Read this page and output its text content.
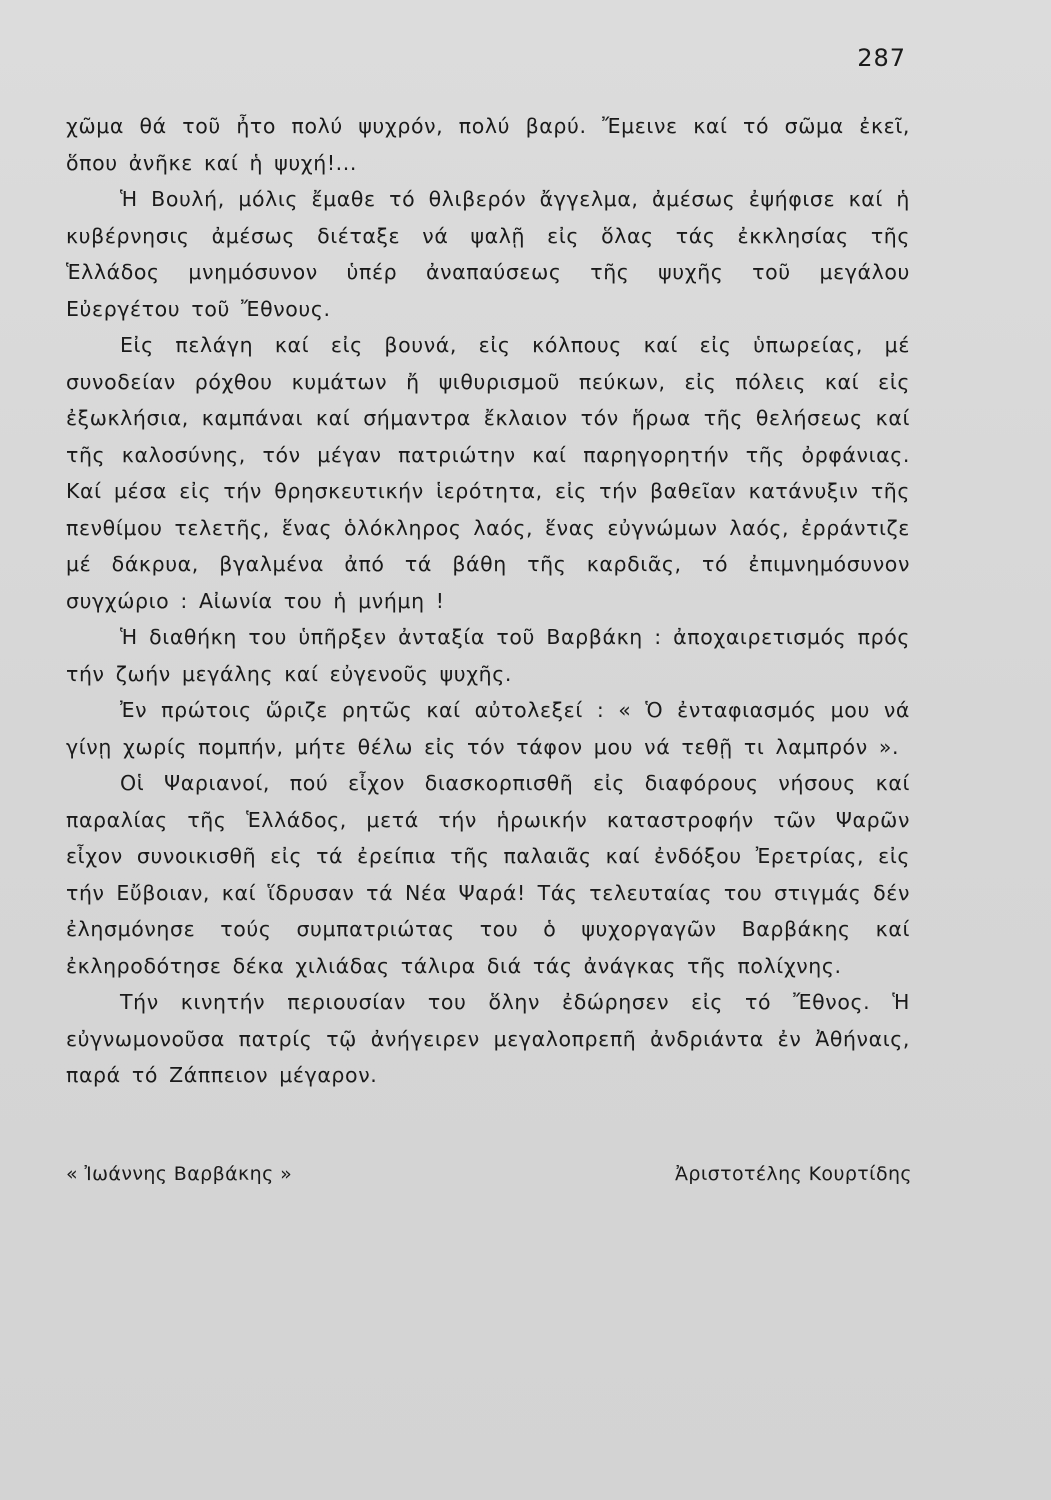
287

χῶμα θά τοῦ ἦτο πολύ ψυχρόν, πολύ βαρύ. Ἔμεινε καί τό σῶμα ἐκεῖ, ὅπου ἀνῆκε καί ἡ ψυχή!...

Ἡ Βουλή, μόλις ἔμαθε τό θλιβερόν ἄγγελμα, ἀμέσως ἐψήφισε καί ἡ κυβέρνησις ἀμέσως διέταξε νά ψαλῇ εἰς ὅλας τάς ἐκκλησίας τῆς Ἑλλάδος μνημόσυνον ὑπέρ ἀναπαύσεως τῆς ψυχῆς τοῦ μεγάλου Εὐεργέτου τοῦ Ἔθνους.

Εἰς πελάγη καί εἰς βουνά, εἰς κόλπους καί εἰς ὑπωρείας, μέ συνοδείαν ρόχθου κυμάτων ἤ ψιθυρισμοῦ πεύκων, εἰς πόλεις καί εἰς ἐξωκλήσια, καμπάναι καί σήμαντρα ἔκλαιον τόν ἥρωα τῆς θελήσεως καί τῆς καλοσύνης, τόν μέγαν πατριώτην καί παρηγορητήν τῆς ὀρφάνιας. Καί μέσα εἰς τήν θρησκευτικήν ἱερότητα, εἰς τήν βαθεῖαν κατάνυξιν τῆς πενθίμου τελετῆς, ἕνας ὁλόκληρος λαός, ἕνας εὐγνώμων λαός, ἐρράντιζε μέ δάκρυα, βγαλμένα ἀπό τά βάθη τῆς καρδιᾶς, τό ἐπιμνημόσυνον συγχώριο : Αἰωνία του ἡ μνήμη !

Ἡ διαθήκη του ὑπῆρξεν ἀνταξία τοῦ Βαρβάκη : ἀποχαιρετισμός πρός τήν ζωήν μεγάλης καί εὐγενοῦς ψυχῆς.

Ἐν πρώτοις ὥριζε ρητῶς καί αὐτολεξεί : « Ὁ ἐνταφιασμός μου νά γίνῃ χωρίς πομπήν, μήτε θέλω εἰς τόν τάφον μου νά τεθῇ τι λαμπρόν ».

Οἱ Ψαριανοί, πού εἶχον διασκορπισθῆ εἰς διαφόρους νήσους καί παραλίας τῆς Ἑλλάδος, μετά τήν ἡρωικήν καταστροφήν τῶν Ψαρῶν εἶχον συνοικισθῆ εἰς τά ἐρείπια τῆς παλαιᾶς καί ἐνδόξου Ἐρετρίας, εἰς τήν Εὔβοιαν, καί ἵδρυσαν τά Νέα Ψαρά! Τάς τελευταίας του στιγμάς δέν ἐλησμόνησε τούς συμπατριώτας του ὁ ψυχοργαγῶν Βαρβάκης καί ἐκληροδότησε δέκα χιλιάδας τάλιρα διά τάς ἀνάγκας τῆς πολίχνης.

Τήν κινητήν περιουσίαν του ὅλην ἐδώρησεν εἰς τό Ἔθνος. Ἡ εὐγνωμονοῦσα πατρίς τῷ ἀνήγειρεν μεγαλοπρεπῆ ἀνδριάντα ἐν Ἀθήναις, παρά τό Ζάππειον μέγαρον.

« Ἰωάννης Βαρβάκης »	Ἀριστοτέλης Κουρτίδης
